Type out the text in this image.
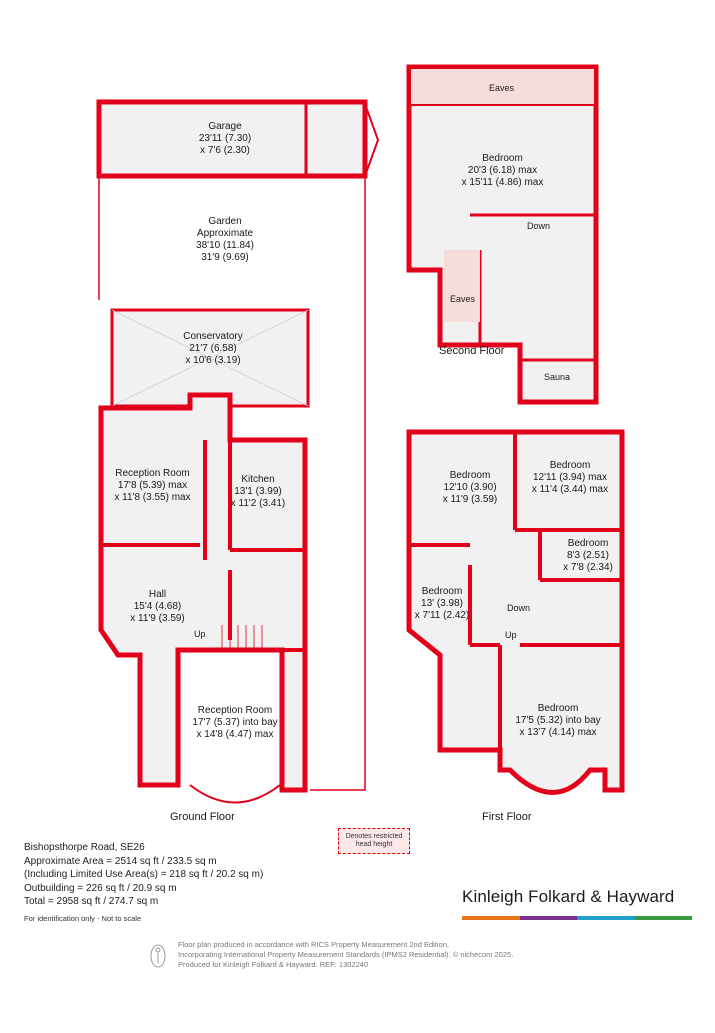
Garage
23'11 (7.30)
x 7'6 (2.30)
Garden
Approximate
38'10 (11.84)
31'9 (9.69)
Conservatory
21'7 (6.58)
x 10'6 (3.19)
Reception Room
17'8 (5.39) max
x 11'8 (3.55) max
Kitchen
13'1 (3.99)
x 11'2 (3.41)
Hall
15'4 (4.68)
x 11'9 (3.59)
Reception Room
17'7 (5.37) into bay
x 14'8 (4.47) max
Bedroom
20'3 (6.18) max
x 15'11 (4.86) max
Bedroom
12'10 (3.90)
x 11'9 (3.59)
Bedroom
12'11 (3.94) max
x 11'4 (3.44) max
Bedroom
8'3 (2.51)
x 7'8 (2.34)
Bedroom
13' (3.98)
x 7'11 (2.42)
Bedroom
17'5 (5.32) into bay
x 13'7 (4.14) max
Eaves
Eaves
Down
Sauna
Up
Down
Up
Ground Floor	First Floor
Second Floor
Denotes restricted head height
Bishopsthorpe Road, SE26
Approximate Area = 2514 sq ft / 233.5 sq m
(Including Limited Use Area(s) = 218 sq ft / 20.2 sq m)
Outbuilding = 226 sq ft / 20.9 sq m
Total = 2958 sq ft / 274.7 sq m
For identification only - Not to scale
Kinleigh Folkard & Hayward
Floor plan produced in accordance with RICS Property Measurement 2nd Edition,
Incorporating International Property Measurement Standards (IPMS2 Residential). © nichecom 2025.
Produced for Kinleigh Folkard & Hayward. REF: 1302240
